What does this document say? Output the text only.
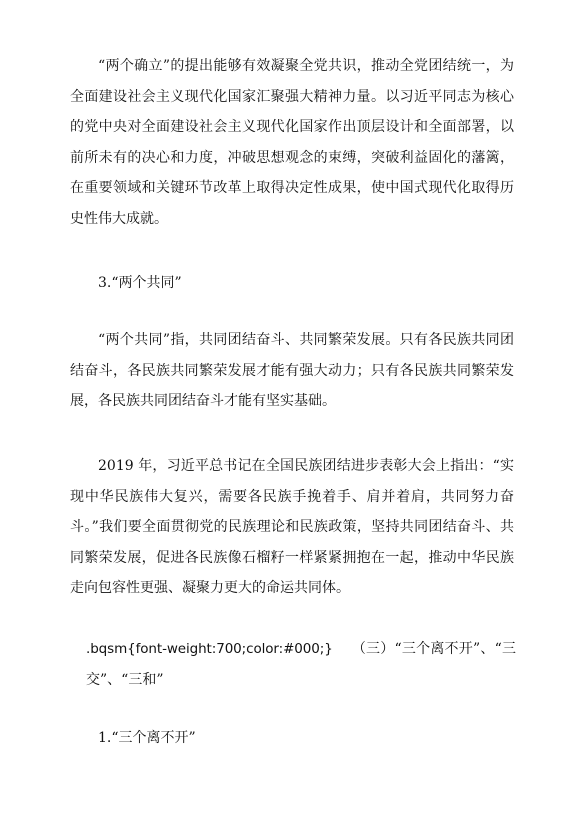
“两个确立”的提出能够有效凝聚全党共识，推动全党团结统一，为全面建设社会主义现代化国家汇聚强大精神力量。以习近平同志为核心的党中央对全面建设社会主义现代化国家作出顶层设计和全面部署，以前所未有的决心和力度，冲破思想观念的束缚，突破利益固化的藩篱，在重要领域和关键环节改革上取得决定性成果，使中国式现代化取得历史性伟大成就。

3.“两个共同”

“两个共同”指，共同团结奋斗、共同繁荣发展。只有各民族共同团结奋斗，各民族共同繁荣发展才能有强大动力；只有各民族共同繁荣发展，各民族共同团结奋斗才能有坚实基础。

2019 年，习近平总书记在全国民族团结进步表彰大会上指出：“实现中华民族伟大复兴，需要各民族手挽着手、肩并着肩，共同努力奋斗。”我们要全面贯彻党的民族理论和民族政策，坚持共同团结奋斗、共同繁荣发展，促进各民族像石榴籽一样紧紧拥抱在一起，推动中华民族走向包容性更强、凝聚力更大的命运共同体。

.bqsm{font-weight:700;color:#000;}　 （三）“三个离不开”、“三交”、“三和”

1.“三个离不开”
